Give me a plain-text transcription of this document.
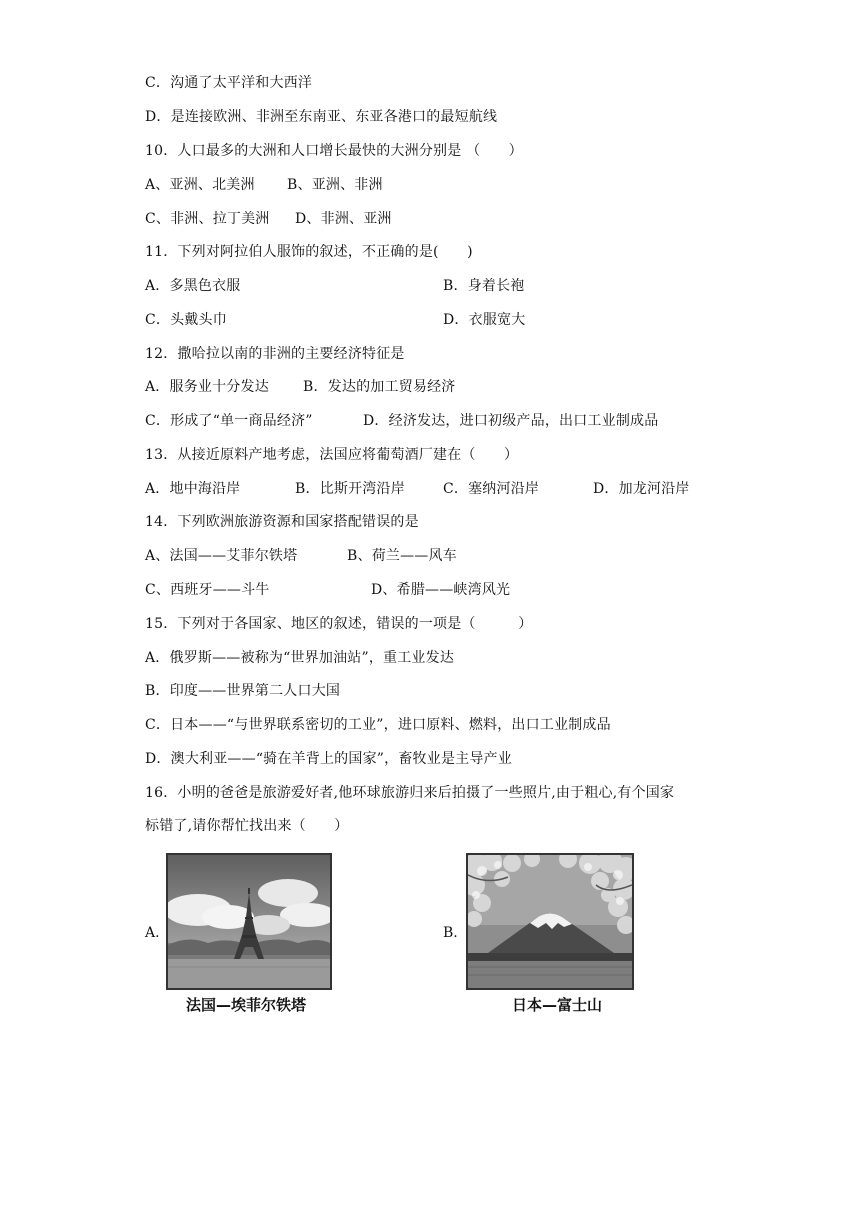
C．沟通了太平洋和大西洋
D．是连接欧洲、非洲至东南亚、东亚各港口的最短航线
10．人口最多的大洲和人口增长最快的大洲分别是 （　　）
A、亚洲、北美洲 B、亚洲、非洲
C、非洲、拉丁美洲 D、非洲、亚洲
11．下列对阿拉伯人服饰的叙述，不正确的是(　　)
A．多黑色衣服	B．身着长袍
C．头戴头巾	D．衣服宽大
12．撒哈拉以南的非洲的主要经济特征是
A．服务业十分发达 B．发达的加工贸易经济
C．形成了“单一商品经济”	D．经济发达，进口初级产品，出口工业制成品
13．从接近原料产地考虑，法国应将葡萄酒厂建在（　　）
A．地中海沿岸	B．比斯开湾沿岸	C．塞纳河沿岸	D．加龙河沿岸
14．下列欧洲旅游资源和国家搭配错误的是
A、法国——艾菲尔铁塔	B、荷兰——风车
C、西班牙——斗牛	D、希腊——峡湾风光
15．下列对于各国家、地区的叙述，错误的一项是（　　　）
A．俄罗斯——被称为“世界加油站”，重工业发达
B．印度——世界第二人口大国
C．日本——“与世界联系密切的工业”，进口原料、燃料，出口工业制成品
D．澳大利亚——“骑在羊背上的国家”，畜牧业是主导产业
16．小明的爸爸是旅游爱好者,他环球旅游归来后拍摄了一些照片,由于粗心,有个国家
标错了,请你帮忙找出来（　　）
A.
法国—埃菲尔铁塔
B.
日本—富士山
